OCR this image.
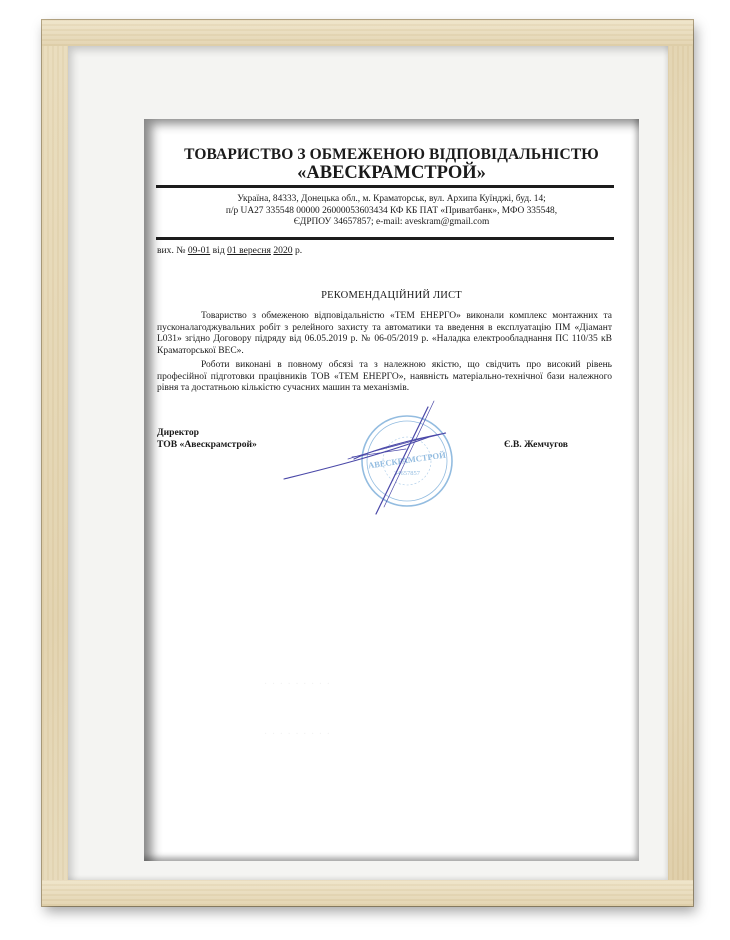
· · · · · · · · ·
· · · · · · · · ·
ТОВАРИСТВО З ОБМЕЖЕНОЮ ВІДПОВІДАЛЬНІСТЮ
«АВЕСКРАМСТРОЙ»
Україна, 84333, Донецька обл., м. Краматорськ, вул. Архипа Куїнджі, буд. 14;
п/р UA27 335548 00000 26000053603434 КФ КБ ПАТ «Приватбанк», МФО 335548,
ЄДРПОУ 34657857; e-mail: aveskram@gmail.com
вих. № 09-01 від 01 вересня 2020 р.
РЕКОМЕНДАЦІЙНИЙ ЛИСТ
Товариство з обмеженою відповідальністю «ТЕМ ЕНЕРГО» виконали комплекс монтажних та пусконалагоджувальних робіт з релейного захисту та автоматики та введення в експлуатацію ПМ «Діамант L031» згідно Договору підряду від 06.05.2019 р. № 06-05/2019 р. «Наладка електрообладнання ПС 110/35 кВ Краматорської ВЕС».
Роботи виконані в повному обсязі та з належною якістю, що свідчить про високий рівень професійної підготовки працівників ТОВ «ТЕМ ЕНЕРГО», наявність матеріально-технічної бази належного рівня та достатньою кількістю сучасних машин та механізмів.
Директор
ТОВ «Авескрамстрой»	Є.В. Жемчугов
АВЕСКРАМСТРОЙ
34657857
